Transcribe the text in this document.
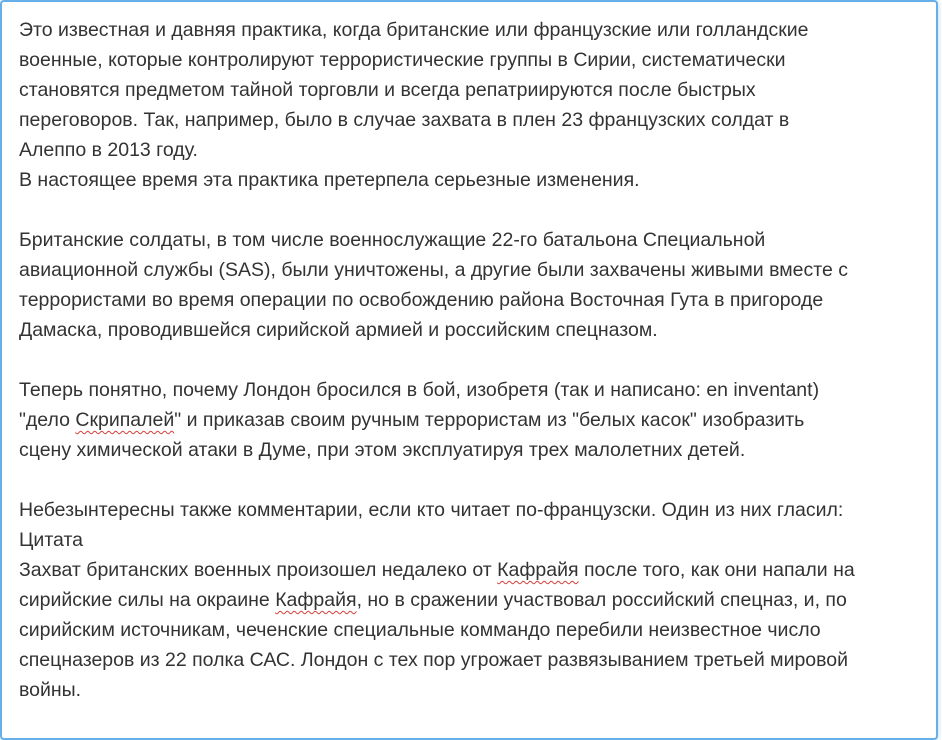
Это известная и давняя практика, когда британские или французские или голландские

военные, которые контролируют террористические группы в Сирии, систематически

становятся предметом тайной торговли и всегда репатриируются после быстрых

переговоров. Так, например, было в случае захвата в плен 23 французских солдат в

Алеппо в 2013 году.

В настоящее время эта практика претерпела серьезные изменения.

Британские солдаты, в том числе военнослужащие 22-го батальона Специальной

авиационной службы (SAS), были уничтожены, а другие были захвачены живыми вместе с

террористами во время операции по освобождению района Восточная Гута в пригороде

Дамаска, проводившейся сирийской армией и российским спецназом.

Теперь понятно, почему Лондон бросился в бой, изобретя (так и написано: en inventant)

"дело Скрипалей" и приказав своим ручным террористам из "белых касок" изобразить

сцену химической атаки в Думе, при этом эксплуатируя трех малолетних детей.

Небезынтересны также комментарии, если кто читает по-французски. Один из них гласил:

Цитата

Захват британских военных произошел недалеко от Кафрайя после того, как они напали на

сирийские силы на окраине Кафрайя, но в сражении участвовал российский спецназ, и, по

сирийским источникам, чеченские специальные коммандо перебили неизвестное число

спецназеров из 22 полка САС. Лондон с тех пор угрожает развязыванием третьей мировой

войны.
